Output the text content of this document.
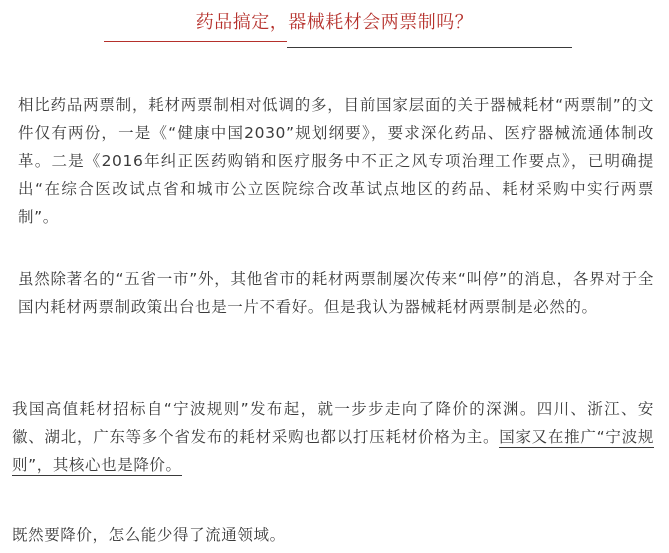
药品搞定，器械耗材会两票制吗？
相比药品两票制，耗材两票制相对低调的多，目前国家层面的关于器械耗材“两票制”的文件仅有两份，一是《“健康中国2030”规划纲要》，要求深化药品、医疗器械流通体制改革。二是《2016年纠正医药购销和医疗服务中不正之风专项治理工作要点》，已明确提出“在综合医改试点省和城市公立医院综合改革试点地区的药品、耗材采购中实行两票制”。
虽然除著名的“五省一市”外，其他省市的耗材两票制屡次传来“叫停”的消息，各界对于全国内耗材两票制政策出台也是一片不看好。但是我认为器械耗材两票制是必然的。
我国高值耗材招标自“宁波规则”发布起，就一步步走向了降价的深渊。四川、浙江、安徽、湖北，广东等多个省发布的耗材采购也都以打压耗材价格为主。国家又在推广“宁波规则”，其核心也是降价。
既然要降价，怎么能少得了流通领域。
